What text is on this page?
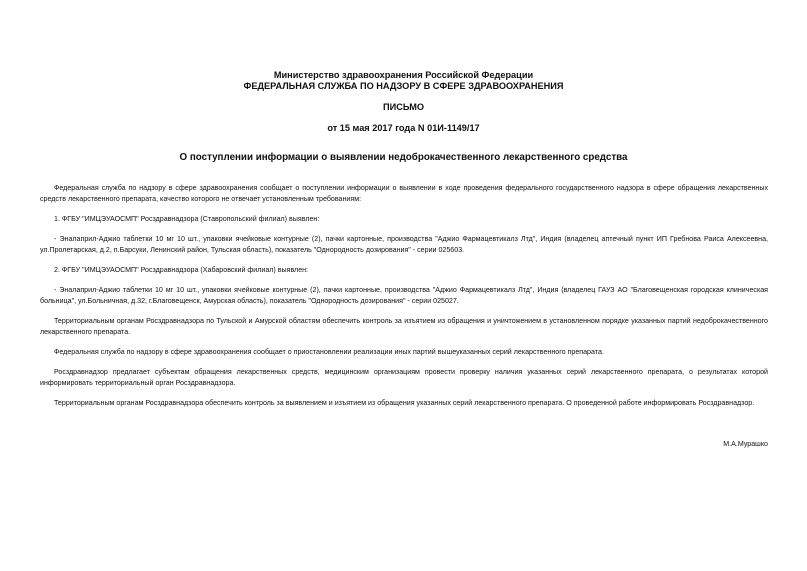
Министерство здравоохранения Российской Федерации
ФЕДЕРАЛЬНАЯ СЛУЖБА ПО НАДЗОРУ В СФЕРЕ ЗДРАВООХРАНЕНИЯ
ПИСЬМО
от 15 мая 2017 года N 01И-1149/17
О поступлении информации о выявлении недоброкачественного лекарственного средства
Федеральная служба по надзору в сфере здравоохранения сообщает о поступлении информации о выявлении в ходе проведения федерального государственного надзора в сфере обращения лекарственных средств лекарственного препарата, качество которого не отвечает установленным требованиям:
1. ФГБУ "ИМЦЭУАОСМП" Росздравнадзора (Ставропольский филиал) выявлен:
- Эналаприл-Аджио таблетки 10 мг 10 шт., упаковки ячейковые контурные (2), пачки картонные, производства "Аджио Фармацевтикалз Лтд", Индия (владелец аптечный пункт ИП Гребнова Раиса Алексеевна, ул.Пролетарская, д.2, п.Барсуки, Ленинский район, Тульская область), показатель "Однородность дозирования" - серии 025603.
2. ФГБУ "ИМЦЭУАОСМП" Росздравнадзора (Хабаровский филиал) выявлен:
- Эналаприл-Аджио таблетки 10 мг 10 шт., упаковки ячейковые контурные (2), пачки картонные, производства "Аджио Фармацевтикалз Лтд", Индия (владелец ГАУЗ АО "Благовещенская городская клиническая больница", ул.Больничная, д.32, г.Благовещенск, Амурская область), показатель "Однородность дозирования" - серии 025027.
Территориальным органам Росздравнадзора по Тульской и Амурской областям обеспечить контроль за изъятием из обращения и уничтожением в установленном порядке указанных партий недоброкачественного лекарственного препарата.
Федеральная служба по надзору в сфере здравоохранения сообщает о приостановлении реализации иных партий вышеуказанных серий лекарственного препарата.
Росздравнадзор предлагает субъектам обращения лекарственных средств, медицинским организациям провести проверку наличия указанных серий лекарственного препарата, о результатах которой информировать территориальный орган Росздравнадзора.
Территориальным органам Росздравнадзора обеспечить контроль за выявлением и изъятием из обращения указанных серий лекарственного препарата. О проведенной работе информировать Росздравнадзор.
М.А.Мурашко
